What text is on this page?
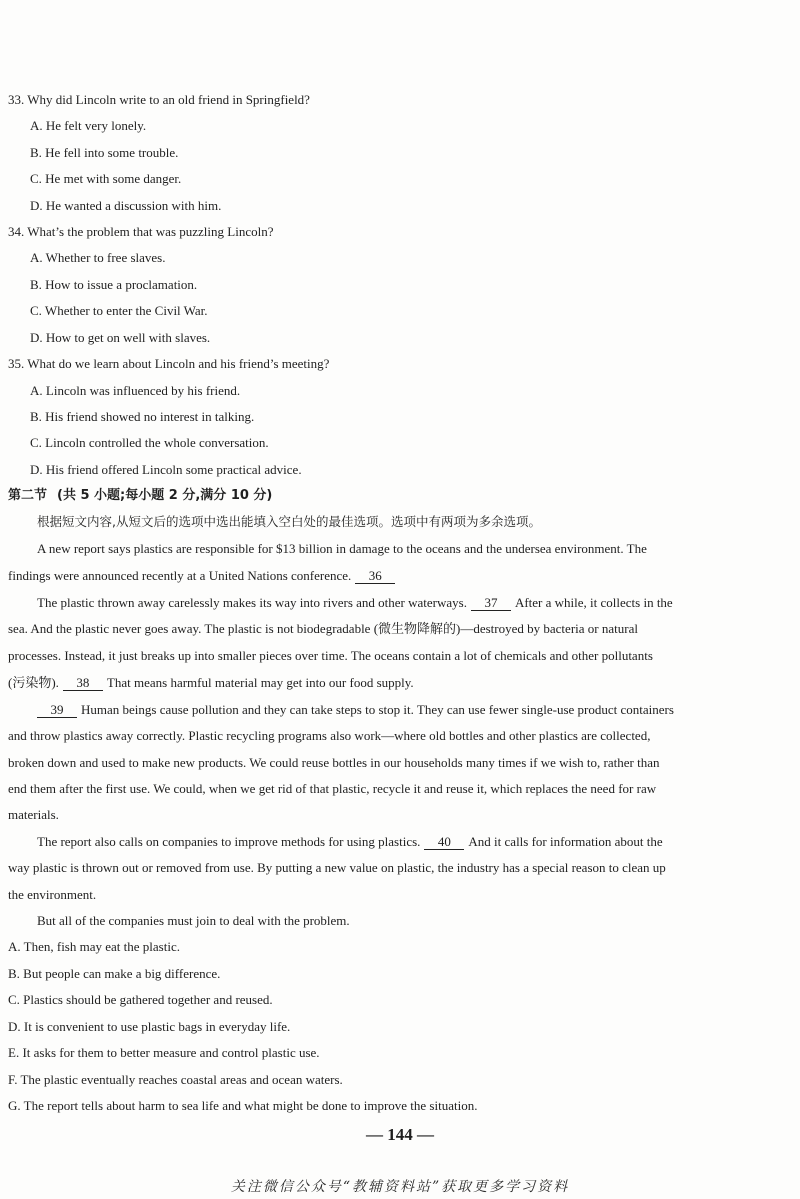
33. Why did Lincoln write to an old friend in Springfield?
A. He felt very lonely.
B. He fell into some trouble.
C. He met with some danger.
D. He wanted a discussion with him.
34. What’s the problem that was puzzling Lincoln?
A. Whether to free slaves.
B. How to issue a proclamation.
C. Whether to enter the Civil War.
D. How to get on well with slaves.
35. What do we learn about Lincoln and his friend’s meeting?
A. Lincoln was influenced by his friend.
B. His friend showed no interest in talking.
C. Lincoln controlled the whole conversation.
D. His friend offered Lincoln some practical advice.
第二节 (共 5 小题;每小题 2 分,满分 10 分)
根据短文内容,从短文后的选项中选出能填入空白处的最佳选项。选项中有两项为多余选项。
A new report says plastics are responsible for $13 billion in damage to the oceans and the undersea environment. The
findings were announced recently at a United Nations conference. 36
The plastic thrown away carelessly makes its way into rivers and other waterways. 37 After a while, it collects in the
sea. And the plastic never goes away. The plastic is not biodegradable (微生物降解的)—destroyed by bacteria or natural
processes. Instead, it just breaks up into smaller pieces over time. The oceans contain a lot of chemicals and other pollutants
(污染物). 38 That means harmful material may get into our food supply.
39 Human beings cause pollution and they can take steps to stop it. They can use fewer single-use product containers
and throw plastics away correctly. Plastic recycling programs also work—where old bottles and other plastics are collected,
broken down and used to make new products. We could reuse bottles in our households many times if we wish to, rather than
end them after the first use. We could, when we get rid of that plastic, recycle it and reuse it, which replaces the need for raw
materials.
The report also calls on companies to improve methods for using plastics. 40 And it calls for information about the
way plastic is thrown out or removed from use. By putting a new value on plastic, the industry has a special reason to clean up
the environment.
But all of the companies must join to deal with the problem.
A. Then, fish may eat the plastic.
B. But people can make a big difference.
C. Plastics should be gathered together and reused.
D. It is convenient to use plastic bags in everyday life.
E. It asks for them to better measure and control plastic use.
F. The plastic eventually reaches coastal areas and ocean waters.
G. The report tells about harm to sea life and what might be done to improve the situation.
— 144 —
关注微信公众号“教辅资料站”获取更多学习资料
